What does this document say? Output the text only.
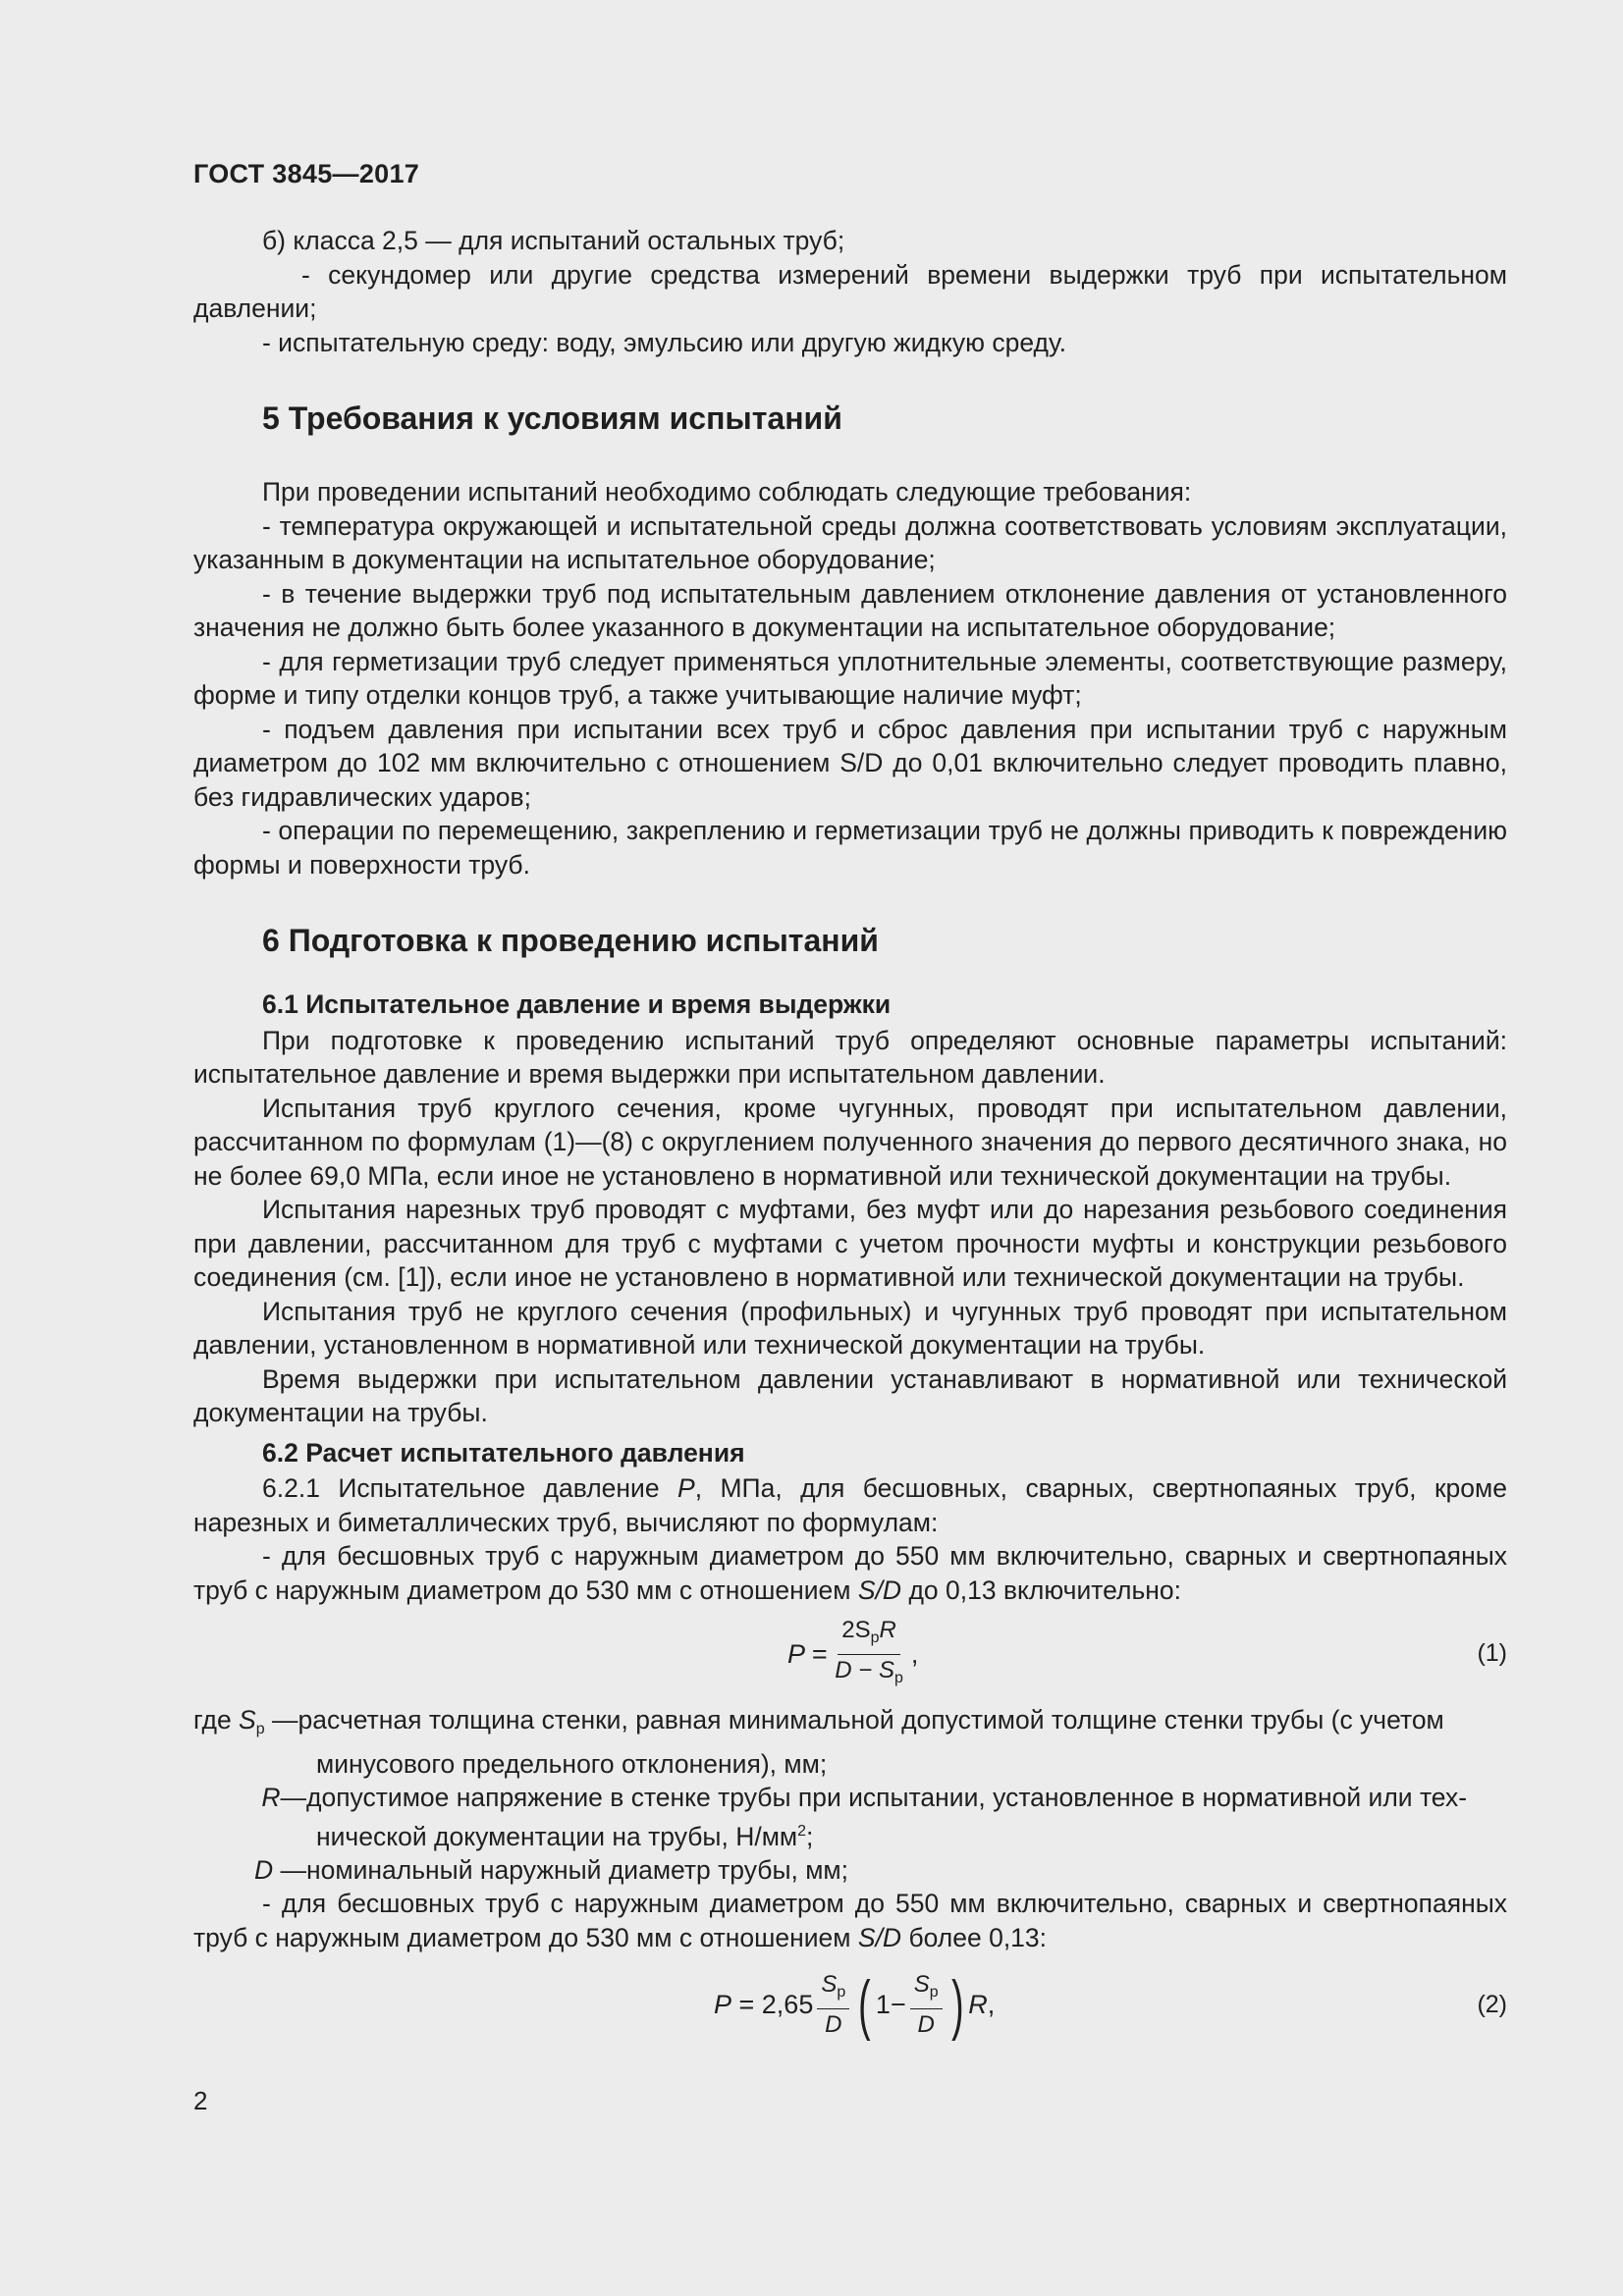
ГОСТ 3845—2017

б) класса 2,5 — для испытаний остальных труб;

- секундомер или другие средства измерений времени выдержки труб при испытательном давлении;

- испытательную среду: воду, эмульсию или другую жидкую среду.

5 Требования к условиям испытаний

При проведении испытаний необходимо соблюдать следующие требования:

- температура окружающей и испытательной среды должна соответствовать условиям эксплуатации, указанным в документации на испытательное оборудование;

- в течение выдержки труб под испытательным давлением отклонение давления от установленного значения не должно быть более указанного в документации на испытательное оборудование;

- для герметизации труб следует применяться уплотнительные элементы, соответствующие размеру, форме и типу отделки концов труб, а также учитывающие наличие муфт;

- подъем давления при испытании всех труб и сброс давления при испытании труб с наружным диаметром до 102 мм включительно с отношением S/D до 0,01 включительно следует проводить плавно, без гидравлических ударов;

- операции по перемещению, закреплению и герметизации труб не должны приводить к повреждению формы и поверхности труб.

6 Подготовка к проведению испытаний
6.1 Испытательное давление и время выдержки

При подготовке к проведению испытаний труб определяют основные параметры испытаний: испытательное давление и время выдержки при испытательном давлении.

Испытания труб круглого сечения, кроме чугунных, проводят при испытательном давлении, рассчитанном по формулам (1)—(8) с округлением полученного значения до первого десятичного знака, но не более 69,0 МПа, если иное не установлено в нормативной или технической документации на трубы.

Испытания нарезных труб проводят с муфтами, без муфт или до нарезания резьбового соединения при давлении, рассчитанном для труб с муфтами с учетом прочности муфты и конструкции резьбового соединения (см. [1]), если иное не установлено в нормативной или технической документации на трубы.

Испытания труб не круглого сечения (профильных) и чугунных труб проводят при испытательном давлении, установленном в нормативной или технической документации на трубы.

Время выдержки при испытательном давлении устанавливают в нормативной или технической документации на трубы.

6.2 Расчет испытательного давления

6.2.1 Испытательное давление P, МПа, для бесшовных, сварных, свертнопаяных труб, кроме нарезных и биметаллических труб, вычисляют по формулам:

- для бесшовных труб с наружным диаметром до 550 мм включительно, сварных и свертнопаяных труб с наружным диаметром до 530 мм с отношением S/D до 0,13 включительно:

$P = \frac{2S_pR}{D - S_p}$ ,	(1)
где $S_p$ — расчетная толщина стенки, равная минимальной допустимой толщине стенки трубы (с учетом

минусового предельного отклонения), мм;

R— допустимое напряжение в стенке трубы при испытании, установленное в нормативной или тех-

нической документации на трубы, $Н/мм^2$;

D — номинальный наружный диаметр трубы, мм;

- для бесшовных труб с наружным диаметром до 550 мм включительно, сварных и свертнопаяных труб с наружным диаметром до 530 мм с отношением S/D более 0,13:

$P = 2,65 \frac{S_p}{D}$ ( $1- \frac{S_p}{D}$ ) R ,	(2)
2
